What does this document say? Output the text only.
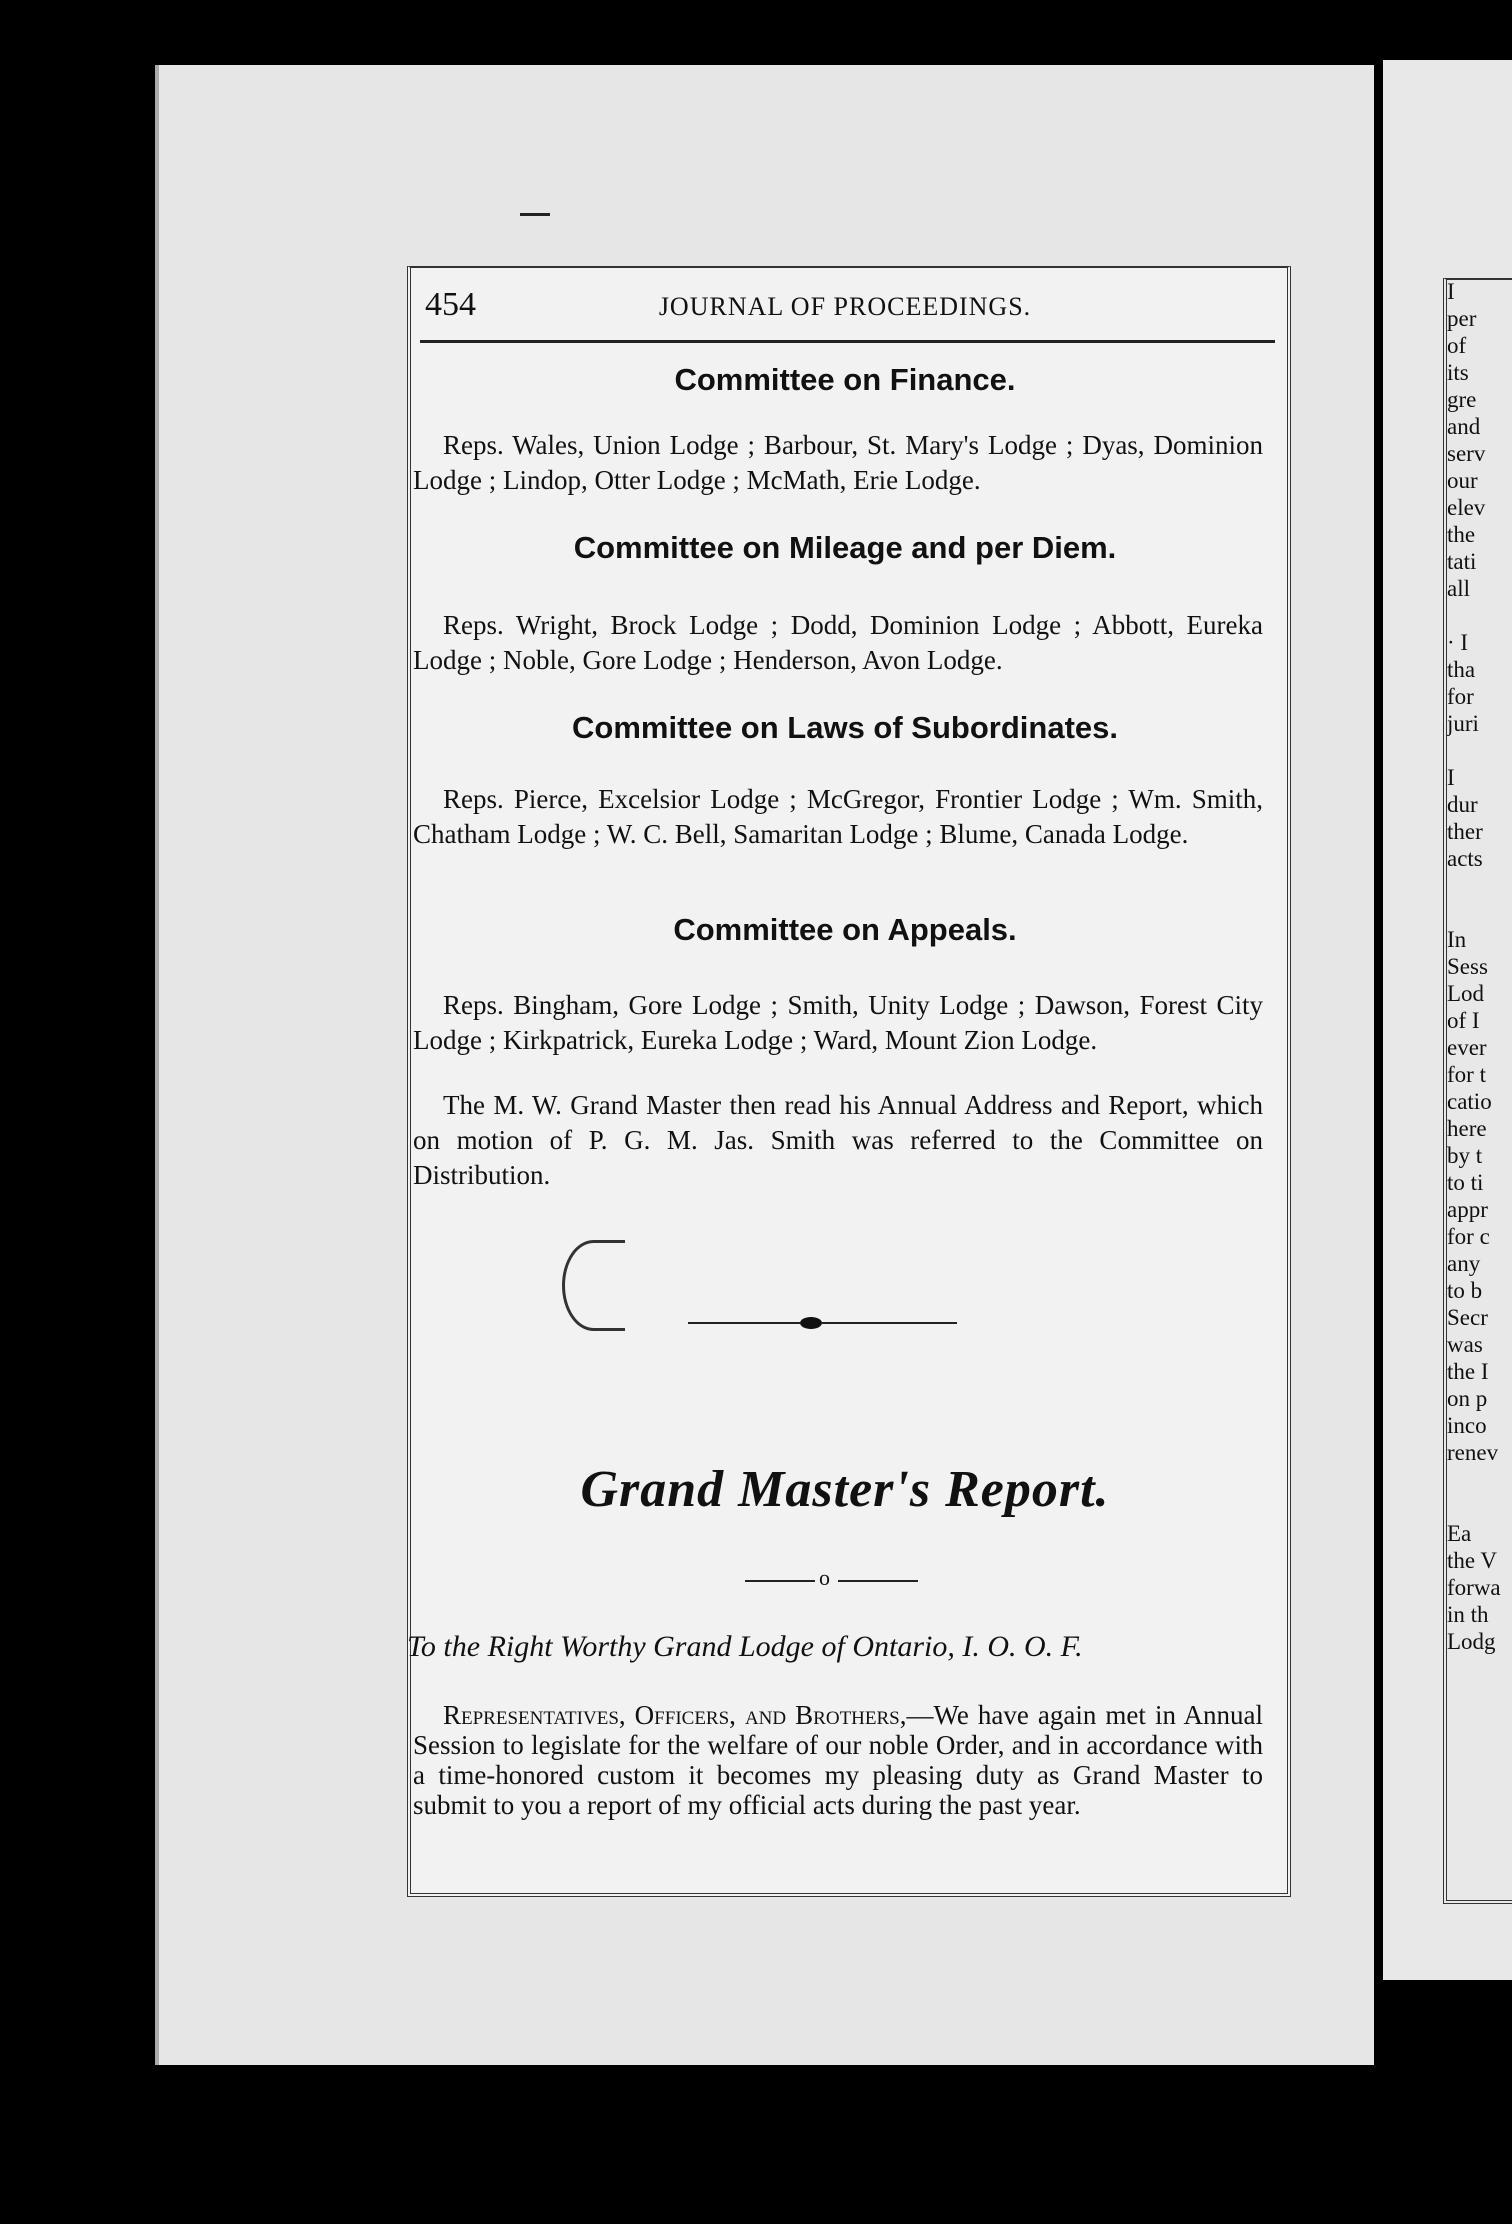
454	JOURNAL OF PROCEEDINGS.
Committee on Finance.
Reps. Wales, Union Lodge ; Barbour, St. Mary's Lodge ; Dyas, Dominion Lodge ; Lindop, Otter Lodge ; McMath, Erie Lodge.
Committee on Mileage and per Diem.
Reps. Wright, Brock Lodge ; Dodd, Dominion Lodge ; Abbott, Eureka Lodge ; Noble, Gore Lodge ; Henderson, Avon Lodge.
Committee on Laws of Subordinates.
Reps. Pierce, Excelsior Lodge ; McGregor, Frontier Lodge ; Wm. Smith, Chatham Lodge ; W. C. Bell, Samaritan Lodge ; Blume, Canada Lodge.
Committee on Appeals.
Reps. Bingham, Gore Lodge ; Smith, Unity Lodge ; Dawson, Forest City Lodge ; Kirkpatrick, Eureka Lodge ; Ward, Mount Zion Lodge.
The M. W. Grand Master then read his Annual Address and Report, which on motion of P. G. M. Jas. Smith was referred to the Committee on Distribution.
Grand Master's Report.
o
To the Right Worthy Grand Lodge of Ontario, I. O. O. F.
Representatives, Officers, and Brothers,—We have again met in Annual Session to legislate for the welfare of our noble Order, and in accordance with a time-honored custom it becomes my pleasing duty as Grand Master to submit to you a report of my official acts during the past year.
I
per
of
its
gre
and
serv
our
elev
the
tati
all

· I
tha
for
juri

I
dur
ther
acts

In
Sess
Lod
of I
ever
for t
catio
here
by t
to ti
appr
for c
any
to b
Secr
was
the I
on p
inco
renev

Ea
the V
forwa
in th
Lodg
